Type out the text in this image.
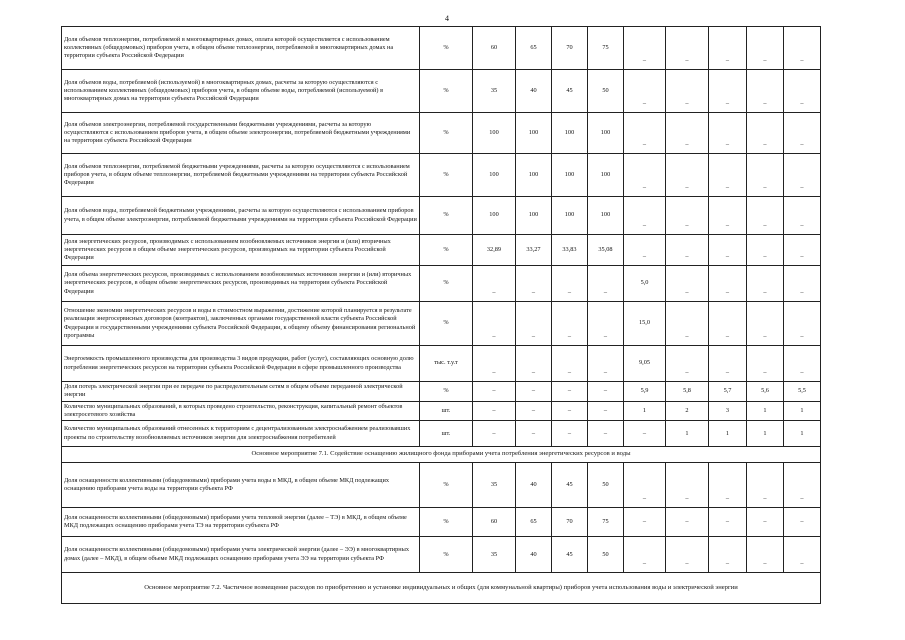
4
Доля объемов теплоэнергии, потребляемой в многоквартирных домах, оплата которой осуществляется с использованием коллективных (общедомовых) приборов учета, в общем объеме теплоэнергии, потребляемой в многоквартирных домах на территории субъекта Российской Федерации	%	60	65	70	75	–	–	–	–	–
Доля объемов воды, потребляемой (используемой) в многоквартирных домах, расчеты за которую осуществляются с использованием коллективных (общедомовых) приборов учета, в общем объеме воды, потребляемой (используемой) в многоквартирных домах на территории субъекта Российской Федерации	%	35	40	45	50	–	–	–	–	–
Доля объемов электроэнергии, потребляемой государственными бюджетными учреждениями, расчеты за которую осуществляются с использованием приборов учета, в общем объеме электроэнергии, потребляемой бюджетными учреждениями на территории субъекта Российской Федерации	%	100	100	100	100	–	–	–	–	–
Доля объемов теплоэнергии, потребляемой бюджетными учреждениями, расчеты за которую осуществляются с использованием приборов учета, в общем объеме теплоэнергии, потребляемой бюджетными учреждениями на территории субъекта Российской Федерации	%	100	100	100	100	–	–	–	–	–
Доля объемов воды, потребляемой бюджетными учреждениями, расчеты за которую осуществляются с использованием приборов учета, в общем объеме электроэнергии, потребляемой бюджетными учреждениями на территории субъекта Российской Федерации	%	100	100	100	100	–	–	–	–	–
Доля энергетических ресурсов, производимых с использованием возобновляемых источников энергии и (или) вторичных энергетических ресурсов в общем объеме энергетических ресурсов, производимых на территории субъекта Российской Федерации	%	32,89	33,27	33,83	35,08	–	–	–	–	–
Доля объема энергетических ресурсов, производимых с использованием возобновляемых источников энергии и (или) вторичных энергетических ресурсов, в общем объеме энергетических ресурсов, производимых на территории субъекта Российской Федерации	%	–	–	–	–	5,0	–	–	–	–
Отношение экономии энергетических ресурсов и воды в стоимостном выражении, достижение которой планируется в результате реализации энергосервисных договоров (контрактов), заключенных органами государственной власти субъекта Российской Федерации и государственными учреждениями субъекта Российской Федерации, к общему объему финансирования региональной программы	%	–	–	–	–	15,0	–	–	–	–
Энергоемкость промышленного производства для производства 3 видов продукции, работ (услуг), составляющих основную долю потребления энергетических ресурсов на территории субъекта Российской Федерации в сфере промышленного производства	тыс. т.у.т	–	–	–	–	9,05	–	–	–	–
Доля потерь электрической энергии при ее передаче по распределительным сетям в общем объеме переданной электрической энергии	%	–	–	–	–	5,9	5,8	5,7	5,6	5,5
Количество муниципальных образований, в которых проведено строительство, реконструкция, капитальный ремонт объектов электросетевого хозяйства	шт.	–	–	–	–	1	2	3	1	1
Количество муниципальных образований отнесенных к территориям с децентрализованным электроснабжением реализовавших проекты по строительству возобновляемых источников энергии для электроснабжения потребителей	шт.	–	–	–	–	–	1	1	1	1
Основное мероприятие 7.1. Содействие оснащению жилищного фонда приборами учета потребления энергетических ресурсов и воды										
Доля оснащенности коллективными (общедомовыми) приборами учета воды в МКД, в общем объеме МКД подлежащих оснащению приборами учета воды на территории субъекта РФ	%	35	40	45	50	–	–	–	–	–
Доля оснащенности коллективными (общедомовыми) приборами учета тепловой энергии (далее – ТЭ) в МКД, в общем объеме МКД подлежащих оснащению приборами учета ТЭ на территории субъекта РФ	%	60	65	70	75	–	–	–	–	–
Доля оснащенности коллективными (общедомовыми) приборами учета электрической энергии (далее – ЭЭ) в многоквартирных домах (далее – МКД), в общем объеме МКД подлежащих оснащению приборами учета ЭЭ на территории субъекта РФ	%	35	40	45	50	–	–	–	–	–
Основное мероприятие 7.2. Частичное возмещение расходов по приобретению и установке индивидуальных и общих (для коммунальной квартиры) приборов учета использования воды и электрической энергии										
